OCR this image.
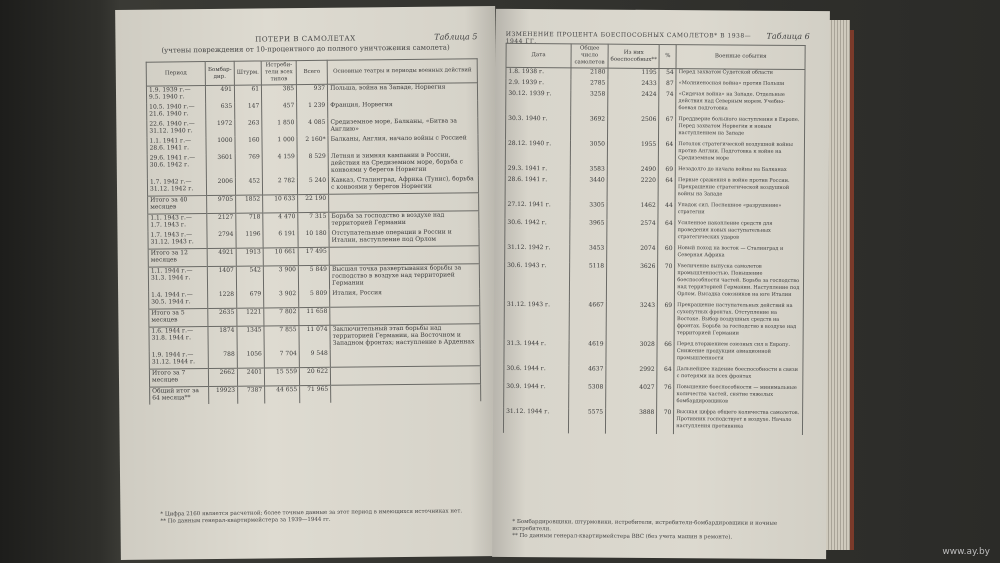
Таблица 5
ПОТЕРИ В САМОЛЕТАХ
(учтены повреждения от 10-процентного до полного уничтожения самолета)
Период	Бомбар-дир.	Штурм.	Истреби-тели всех типов	Всего	Основные театры и периоды военных действий
1.9. 1939 г.— 9.5. 1940 г.	491	61	385	937	Польша, война на Западе, Норвегия
10.5. 1940 г.— 21.6. 1940 г.	635	147	457	1 239	Франция, Норвегия
22.6. 1940 г.— 31.12. 1940 г.	1972	263	1 850	4 085	Средиземное море, Балканы, «Битва за Англию»
1.1. 1941 г.— 28.6. 1941 г.	1000	160	1 000	2 160*	Балканы, Англия, начало войны с Россией
29.6. 1941 г.— 30.6. 1942 г.	3601	769	4 159	8 529	Летняя и зимняя кампании в России, действия на Средиземном море, борьба с конвоями у берегов Норвегии
1.7. 1942 г.— 31.12. 1942 г.	2006	452	2 782	5 240	Кавказ, Сталинград, Африка (Тунис), борьба с конвоями у берегов Норвегии
Итого за 40 месяцев	9705	1852	10 633	22 190	
1.1. 1943 г.— 1.7. 1943 г.	2127	718	4 470	7 315	Борьба за господство в воздухе над территорией Германии
1.7. 1943 г.— 31.12. 1943 г.	2794	1196	6 191	10 180	Отступательные операции в России и Италии, наступление под Орлом
Итого за 12 месяцев	4921	1913	10 661	17 495	
1.1. 1944 г.— 31.3. 1944 г.	1407	542	3 900	5 849	Высшая точка развертывания борьбы за господство в воздухе над территорией Германии
1.4. 1944 г.— 30.5. 1944 г.	1228	679	3 902	5 809	Италия, Россия
Итого за 5 месяцев	2635	1221	7 802	11 658	
1.6. 1944 г.— 31.8. 1944 г.	1874	1345	7 855	11 074	Заключительный этап борьбы над территорией Германии, на Восточном и Западном фронтах; наступление в Арденнах
1.9. 1944 г.— 31.12. 1944 г.	788	1056	7 704	9 548	
Итого за 7 месяцев	2662	2401	15 559	20 622	
Общий итог за 64 месяца**	19923	7387	44 655	71 965	
* Цифра 2160 является расчетной; более точные данные за этот период в имеющихся источниках нет.
** По данным генерал-квартирмейстера за 1939—1944 гг.
Таблица 6
ИЗМЕНЕНИЕ ПРОЦЕНТА БОЕСПОСОБНЫХ САМОЛЕТОВ* В 1938—1944 ГГ.
Дата	Общее число самолетов	Из них боеспособных**	%	Военные события
1.8. 1938 г.	2180	1195	54	Перед захватом Судетской области
2.9. 1939 г.	2785	2433	87	«Молниеносная война» против Польши
30.12. 1939 г.	3258	2424	74	«Сидячая война» на Западе. Отдельные действия над Северным морем. Учебно-боевая подготовка
30.3. 1940 г.	3692	2506	67	Преддверие большого наступления в Европе. Перед захватом Норвегии и новым наступлением на Западе
28.12. 1940 г.	3050	1955	64	Потолок стратегической воздушной войны против Англии. Подготовка к войне на Средиземном море
29.3. 1941 г.	3583	2490	69	Незадолго до начала войны на Балканах
28.6. 1941 г.	3440	2220	64	Первые сражения в войне против России. Прекращение стратегической воздушной войны на Западе
27.12. 1941 г.	3305	1462	44	Упадок сил. Поспешное «разрушение» стратегии
30.6. 1942 г.	3965	2574	64	Усиленное накопление средств для проведения новых наступательных стратегических ударов
31.12. 1942 г.	3453	2074	60	Новый поход на восток — Сталинград и Северная Африка
30.6. 1943 г.	5118	3626	70	Увеличение выпуска самолетов промышленностью. Повышение боеспособности частей. Борьба за господство над территорией Германии. Наступление под Орлом. Высадка союзников на юге Италии
31.12. 1943 г.	4667	3243	69	Прекращение наступательных действий на сухопутных фронтах. Отступление на Востоке. Выбор воздушных средств на фронтах. Борьба за господство в воздухе над территорией Германии
31.3. 1944 г.	4619	3028	66	Перед вторжением союзных сил в Европу. Снижение продукции авиационной промышленности
30.6. 1944 г.	4637	2992	64	Дальнейшее падение боеспособности в связи с потерями на всех фронтах
30.9. 1944 г.	5308	4027	76	Повышение боеспособности — минимальные количества частей, снятие тяжелых бомбардировщиков
31.12. 1944 г.	5575	3888	70	Высшая цифра общего количества самолетов. Противник господствует в воздухе. Начало наступления противника
* Бомбардировщики, штурмовики, истребители, истребители-бомбардировщики и ночные истребители.
** По данным генерал-квартирмейстера ВВС (без учета машин в ремонте).
www.ay.by
